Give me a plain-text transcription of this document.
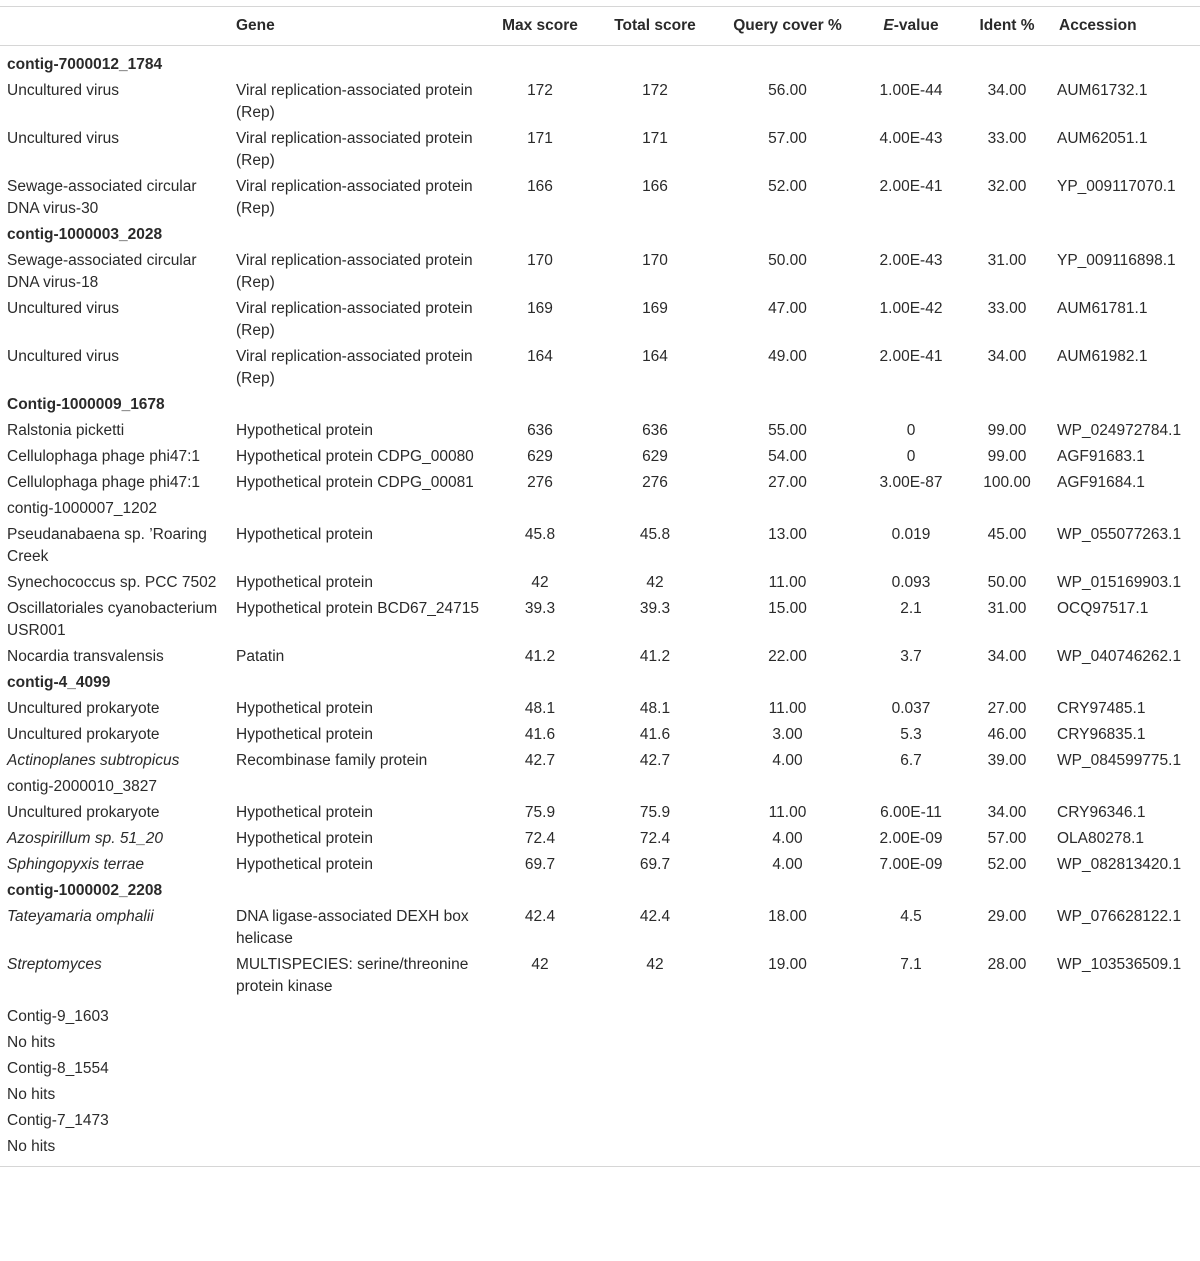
	Gene	Max score	Total score	Query cover %	E-value	Ident %	Accession
contig-7000012_1784							
Uncultured virus	Viral replication-associated protein (Rep)	172	172	56.00	1.00E-44	34.00	AUM61732.1
Uncultured virus	Viral replication-associated protein (Rep)	171	171	57.00	4.00E-43	33.00	AUM62051.1
Sewage-associated circular DNA virus-30	Viral replication-associated protein (Rep)	166	166	52.00	2.00E-41	32.00	YP_009117070.1
contig-1000003_2028							
Sewage-associated circular DNA virus-18	Viral replication-associated protein (Rep)	170	170	50.00	2.00E-43	31.00	YP_009116898.1
Uncultured virus	Viral replication-associated protein (Rep)	169	169	47.00	1.00E-42	33.00	AUM61781.1
Uncultured virus	Viral replication-associated protein (Rep)	164	164	49.00	2.00E-41	34.00	AUM61982.1
Contig-1000009_1678							
Ralstonia picketti	Hypothetical protein	636	636	55.00	0	99.00	WP_024972784.1
Cellulophaga phage phi47:1	Hypothetical protein CDPG_00080	629	629	54.00	0	99.00	AGF91683.1
Cellulophaga phage phi47:1	Hypothetical protein CDPG_00081	276	276	27.00	3.00E-87	100.00	AGF91684.1
contig-1000007_1202							
Pseudanabaena sp. ’Roaring Creek	Hypothetical protein	45.8	45.8	13.00	0.019	45.00	WP_055077263.1
Synechococcus sp. PCC 7502	Hypothetical protein	42	42	11.00	0.093	50.00	WP_015169903.1
Oscillatoriales cyanobacterium USR001	Hypothetical protein BCD67_24715	39.3	39.3	15.00	2.1	31.00	OCQ97517.1
Nocardia transvalensis	Patatin	41.2	41.2	22.00	3.7	34.00	WP_040746262.1
contig-4_4099							
Uncultured prokaryote	Hypothetical protein	48.1	48.1	11.00	0.037	27.00	CRY97485.1
Uncultured prokaryote	Hypothetical protein	41.6	41.6	3.00	5.3	46.00	CRY96835.1
Actinoplanes subtropicus	Recombinase family protein	42.7	42.7	4.00	6.7	39.00	WP_084599775.1
contig-2000010_3827							
Uncultured prokaryote	Hypothetical protein	75.9	75.9	11.00	6.00E-11	34.00	CRY96346.1
Azospirillum sp. 51_20	Hypothetical protein	72.4	72.4	4.00	2.00E-09	57.00	OLA80278.1
Sphingopyxis terrae	Hypothetical protein	69.7	69.7	4.00	7.00E-09	52.00	WP_082813420.1
contig-1000002_2208							
Tateyamaria omphalii	DNA ligase-associated DEXH box helicase	42.4	42.4	18.00	4.5	29.00	WP_076628122.1
Streptomyces	MULTISPECIES: serine/threonine protein kinase	42	42	19.00	7.1	28.00	WP_103536509.1

Contig-9_1603							
No hits							
Contig-8_1554							
No hits							
Contig-7_1473							
No hits							
